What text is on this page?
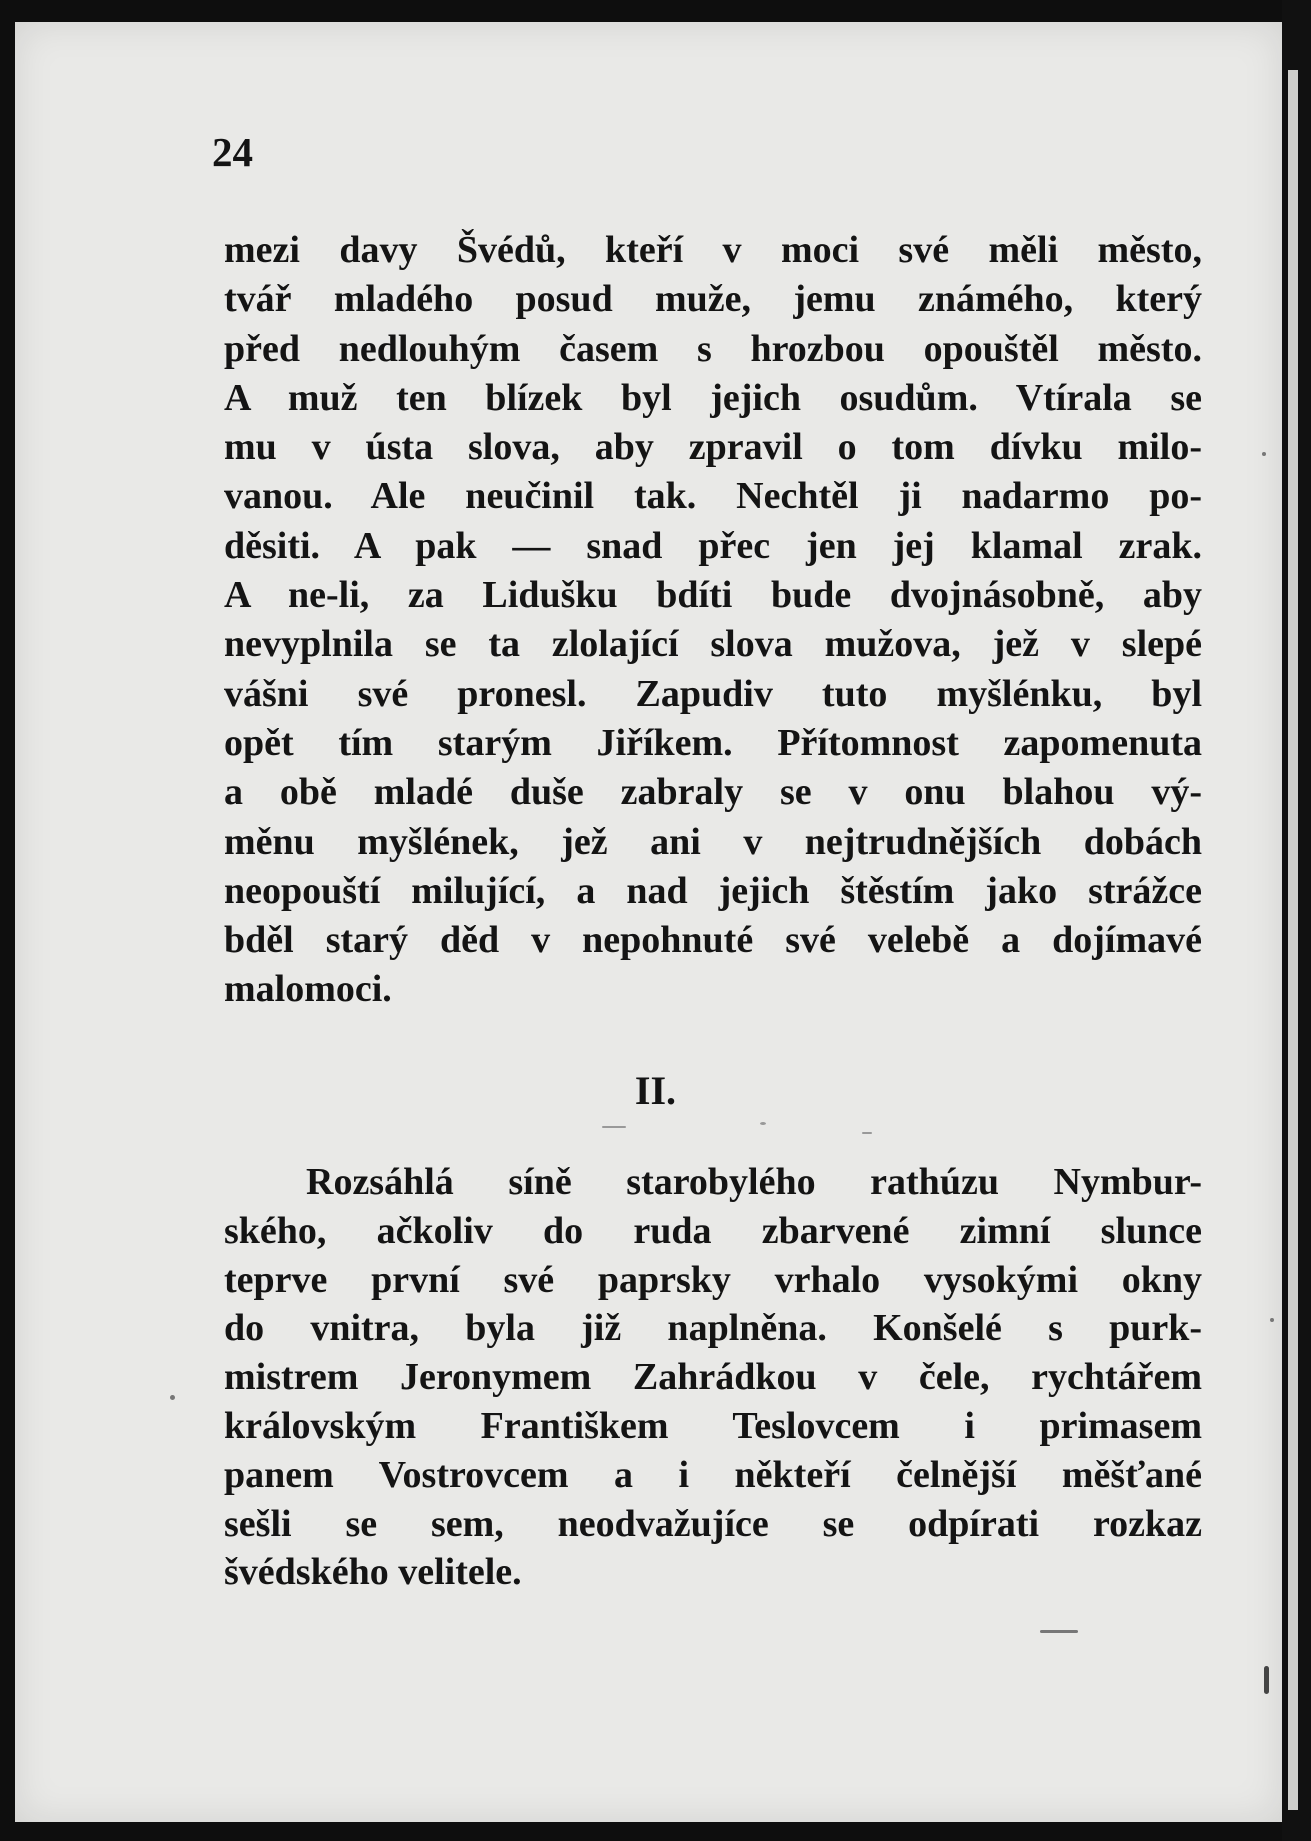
24
mezi davy Švédů, kteří v moci své měli město,
tvář mladého posud muže, jemu známého, který
před nedlouhým časem s hrozbou opouštěl město.
A muž ten blízek byl jejich osudům. Vtírala se
mu v ústa slova, aby zpravil o tom dívku milo-
vanou. Ale neučinil tak. Nechtěl ji nadarmo po-
děsiti. A pak — snad přec jen jej klamal zrak.
A ne-li, za Lidušku bdíti bude dvojnásobně, aby
nevyplnila se ta zlolající slova mužova, jež v slepé
vášni své pronesl. Zapudiv tuto myšlénku, byl
opět tím starým Jiříkem. Přítomnost zapomenuta
a obě mladé duše zabraly se v onu blahou vý-
měnu myšlének, jež ani v nejtrudnějších dobách
neopouští milující, a nad jejich štěstím jako strážce
bděl starý děd v nepohnuté své velebě a dojímavé
malomoci.
II.
Rozsáhlá síně starobylého rathúzu Nymbur-
ského, ačkoliv do ruda zbarvené zimní slunce
teprve první své paprsky vrhalo vysokými okny
do vnitra, byla již naplněna. Konšelé s purk-
mistrem Jeronymem Zahrádkou v čele, rychtářem
královským Františkem Teslovcem i primasem
panem Vostrovcem a i někteří čelnější měšťané
sešli se sem, neodvažujíce se odpírati rozkaz
švédského velitele.
